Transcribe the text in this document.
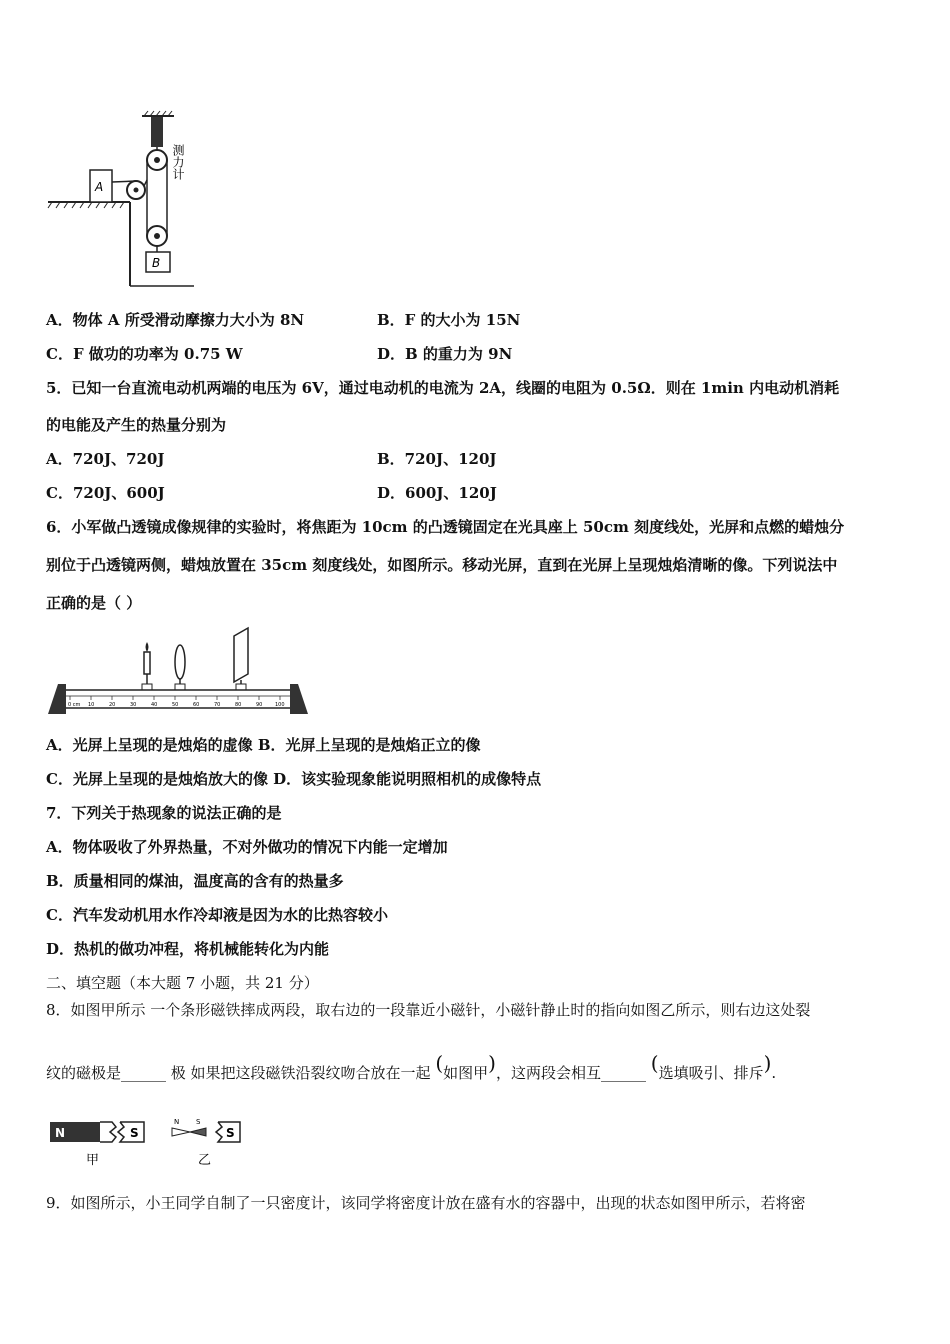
A
B
测力计
A．物体 A 所受滑动摩擦力大小为 8N	B．F 的大小为 15N
C．F 做功的功率为 0.75 W	D．B 的重力为 9N
5．已知一台直流电动机两端的电压为 6V，通过电动机的电流为 2A，线圈的电阻为 0.5Ω．则在 1min 内电动机消耗
的电能及产生的热量分别为
A．720J、720J	B．720J、120J
C．720J、600J	D．600J、120J
6．小军做凸透镜成像规律的实验时，将焦距为 10cm 的凸透镜固定在光具座上 50cm 刻度线处，光屏和点燃的蜡烛分
别位于凸透镜两侧，蜡烛放置在 35cm 刻度线处，如图所示。移动光屏，直到在光屏上呈现烛焰清晰的像。下列说法中
正确的是（ ）
0 cm 10	20	30	40	50	60	70	80	90	100
A．光屏上呈现的是烛焰的虚像 B．光屏上呈现的是烛焰正立的像
C．光屏上呈现的是烛焰放大的像 D．该实验现象能说明照相机的成像特点
7．下列关于热现象的说法正确的是
A．物体吸收了外界热量，不对外做功的情况下内能一定增加
B．质量相同的煤油，温度高的含有的热量多
C．汽车发动机用水作冷却液是因为水的比热容较小
D．热机的做功冲程，将机械能转化为内能
二、填空题（本大题 7 小题，共 21 分）
8．如图甲所示 一个条形磁铁摔成两段，取右边的一段靠近小磁针，小磁针静止时的指向如图乙所示，则右边这处裂
纹的磁极是______ 极 如果把这段磁铁沿裂纹吻合放在一起 (如图甲)，这两段会相互______ (选填吸引、排斥).
N	S
甲
N S
S
乙
9．如图所示，小王同学自制了一只密度计，该同学将密度计放在盛有水的容器中，出现的状态如图甲所示，若将密
